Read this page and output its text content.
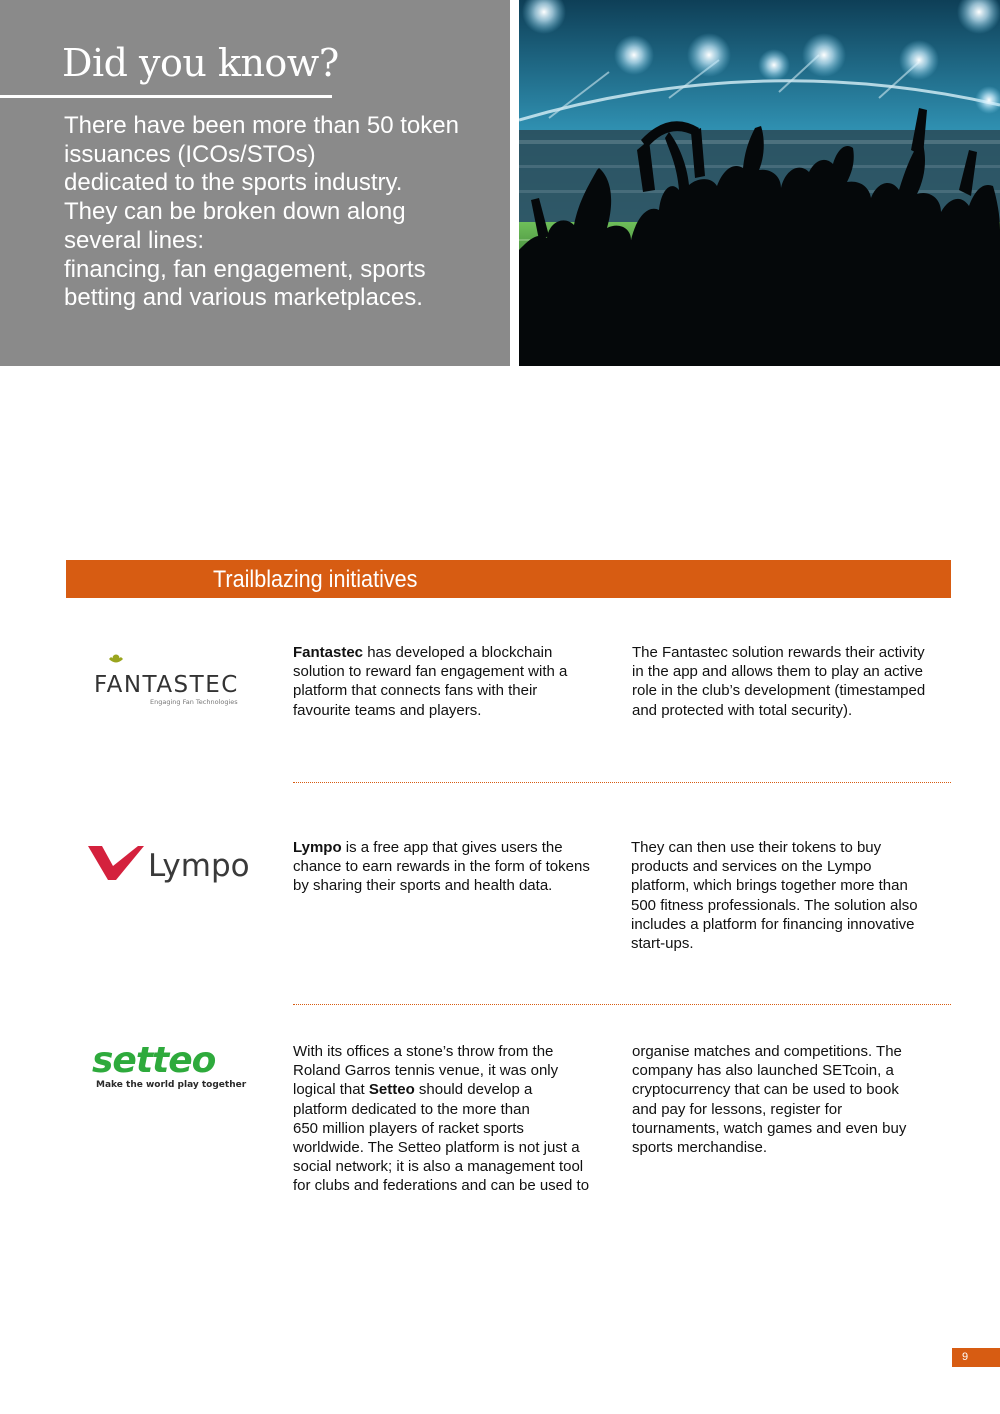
Did you know?
There have been more than 50 token
issuances (ICOs/STOs)
dedicated to the sports industry.
They can be broken down along
several lines:
financing, fan engagement, sports
betting and various marketplaces.
Trailblazing initiatives
FANTASTEC
Engaging Fan Technologies

Fantastec has developed a blockchain
solution to reward fan engagement with a
platform that connects fans with their
favourite teams and players.

The Fantastec solution rewards their activity
in the app and allows them to play an active
role in the club’s development (timestamped
and protected with total security).

Lympo

Lympo is a free app that gives users the
chance to earn rewards in the form of tokens
by sharing their sports and health data.

They can then use their tokens to buy
products and services on the Lympo
platform, which brings together more than
500 fitness professionals. The solution also
includes a platform for financing innovative
start-ups.

setteo
Make the world play together

With its offices a stone’s throw from the
Roland Garros tennis venue, it was only
logical that Setteo should develop a
platform dedicated to the more than
650 million players of racket sports
worldwide. The Setteo platform is not just a
social network; it is also a management tool
for clubs and federations and can be used to

organise matches and competitions. The
company has also launched SETcoin, a
cryptocurrency that can be used to book
and pay for lessons, register for
tournaments, watch games and even buy
sports merchandise.

9
